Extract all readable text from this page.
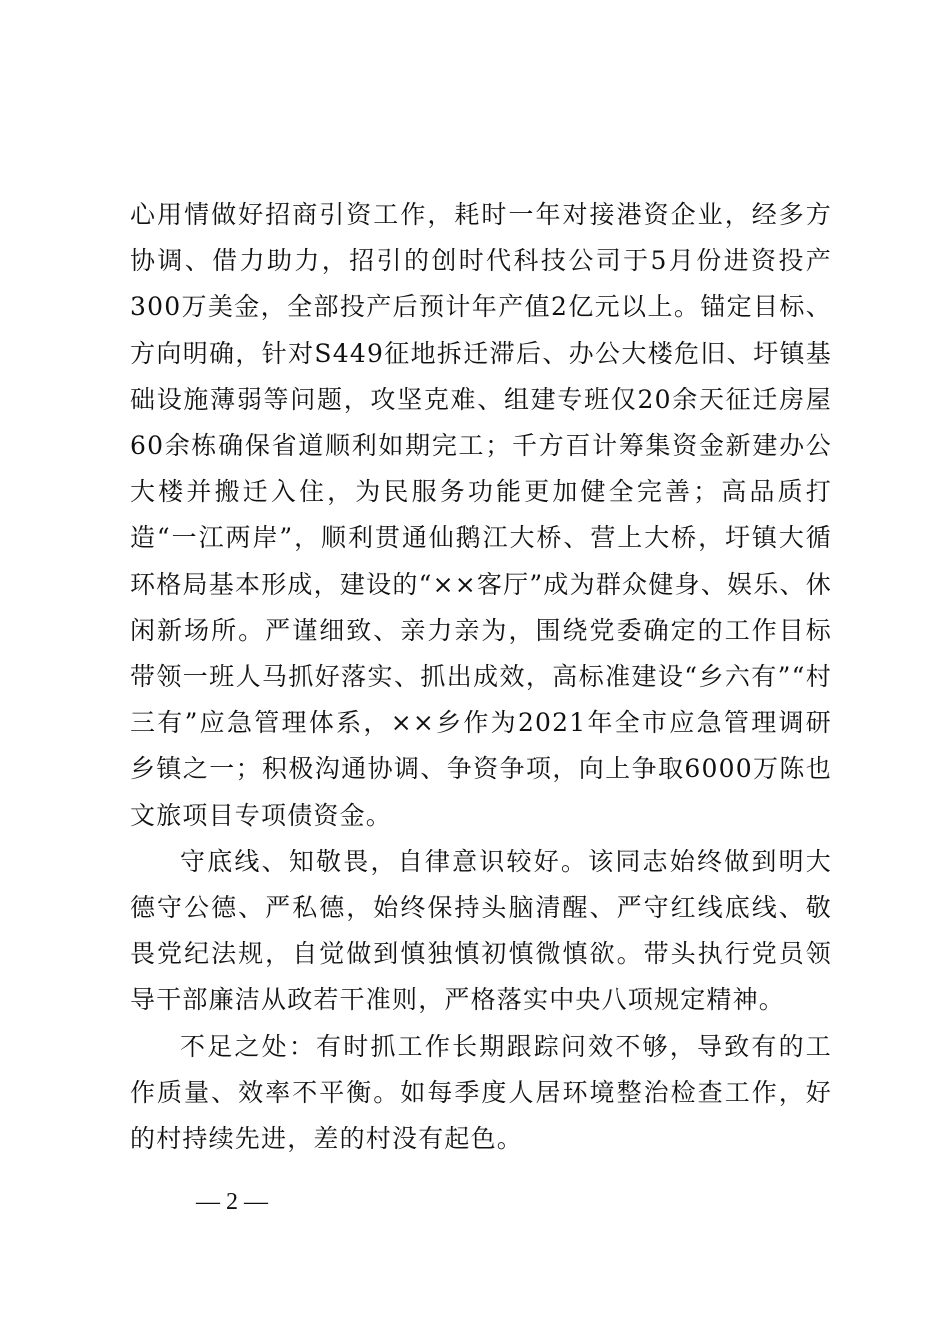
心用情做好招商引资工作，耗时一年对接港资企业，经多方协调、借力助力，招引的创时代科技公司于5月份进资投产300万美金，全部投产后预计年产值2亿元以上。锚定目标、方向明确，针对S449征地拆迁滞后、办公大楼危旧、圩镇基础设施薄弱等问题，攻坚克难、组建专班仅20余天征迁房屋60余栋确保省道顺利如期完工；千方百计筹集资金新建办公大楼并搬迁入住，为民服务功能更加健全完善；高品质打造“一江两岸”，顺利贯通仙鹅江大桥、营上大桥，圩镇大循环格局基本形成，建设的“××客厅”成为群众健身、娱乐、休闲新场所。严谨细致、亲力亲为，围绕党委确定的工作目标带领一班人马抓好落实、抓出成效，高标准建设“乡六有”“村三有”应急管理体系，××乡作为2021年全市应急管理调研乡镇之一；积极沟通协调、争资争项，向上争取6000万陈也文旅项目专项债资金。

守底线、知敬畏，自律意识较好。该同志始终做到明大德守公德、严私德，始终保持头脑清醒、严守红线底线、敬畏党纪法规，自觉做到慎独慎初慎微慎欲。带头执行党员领导干部廉洁从政若干准则，严格落实中央八项规定精神。

不足之处：有时抓工作长期跟踪问效不够，导致有的工作质量、效率不平衡。如每季度人居环境整治检查工作，好的村持续先进，差的村没有起色。

— 2 —
